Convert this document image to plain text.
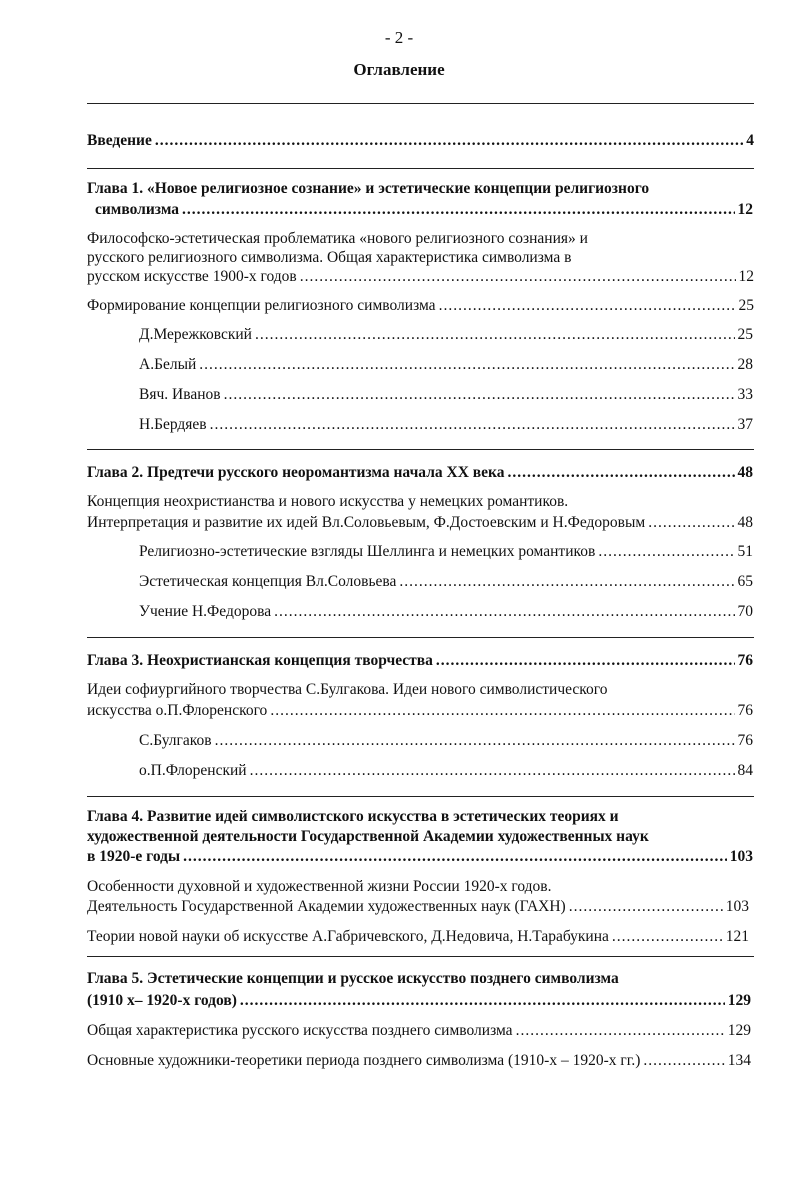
- 2 -
Оглавление
Введение .....	4
Глава 1. «Новое религиозное сознание» и эстетические концепции религиозного
символизма .....	12
Философско-эстетическая проблематика «нового религиозного сознания» и
русского религиозного символизма. Общая характеристика символизма в
русском искусстве 1900-х годов .....	12
Формирование концепции религиозного символизма .....	25
Д.Мережковский .....	25
А.Белый .....	28
Вяч. Иванов .....	33
Н.Бердяев .....	37
Глава 2. Предтечи русского неоромантизма начала XX века .....	48
Концепция неохристианства и нового искусства у немецких романтиков.
Интерпретация и развитие их идей Вл.Соловьевым, Ф.Достоевским и Н.Федоровым .....	48
Религиозно-эстетические взгляды Шеллинга и немецких романтиков .....	51
Эстетическая концепция Вл.Соловьева .....	65
Учение Н.Федорова .....	70
Глава 3. Неохристианская концепция творчества .....	76
Идеи софиургийного творчества С.Булгакова. Идеи нового символистического
искусства о.П.Флоренского .....	76
С.Булгаков .....	76
о.П.Флоренский .....	84
Глава 4. Развитие идей символистского искусства в эстетических теориях и
художественной деятельности Государственной Академии художественных наук
в 1920-е годы .....	103
Особенности духовной и художественной жизни России 1920-х годов.
Деятельность Государственной Академии художественных наук (ГАХН) .....	103
Теории новой науки об искусстве А.Габричевского, Д.Недовича, Н.Тарабукина .....	121
Глава 5. Эстетические концепции и русское искусство позднего символизма
(1910 х– 1920-х годов) .....	129
Общая характеристика русского искусства позднего символизма .....	129
Основные художники-теоретики периода позднего символизма (1910-х – 1920-х гг.) .....	134
